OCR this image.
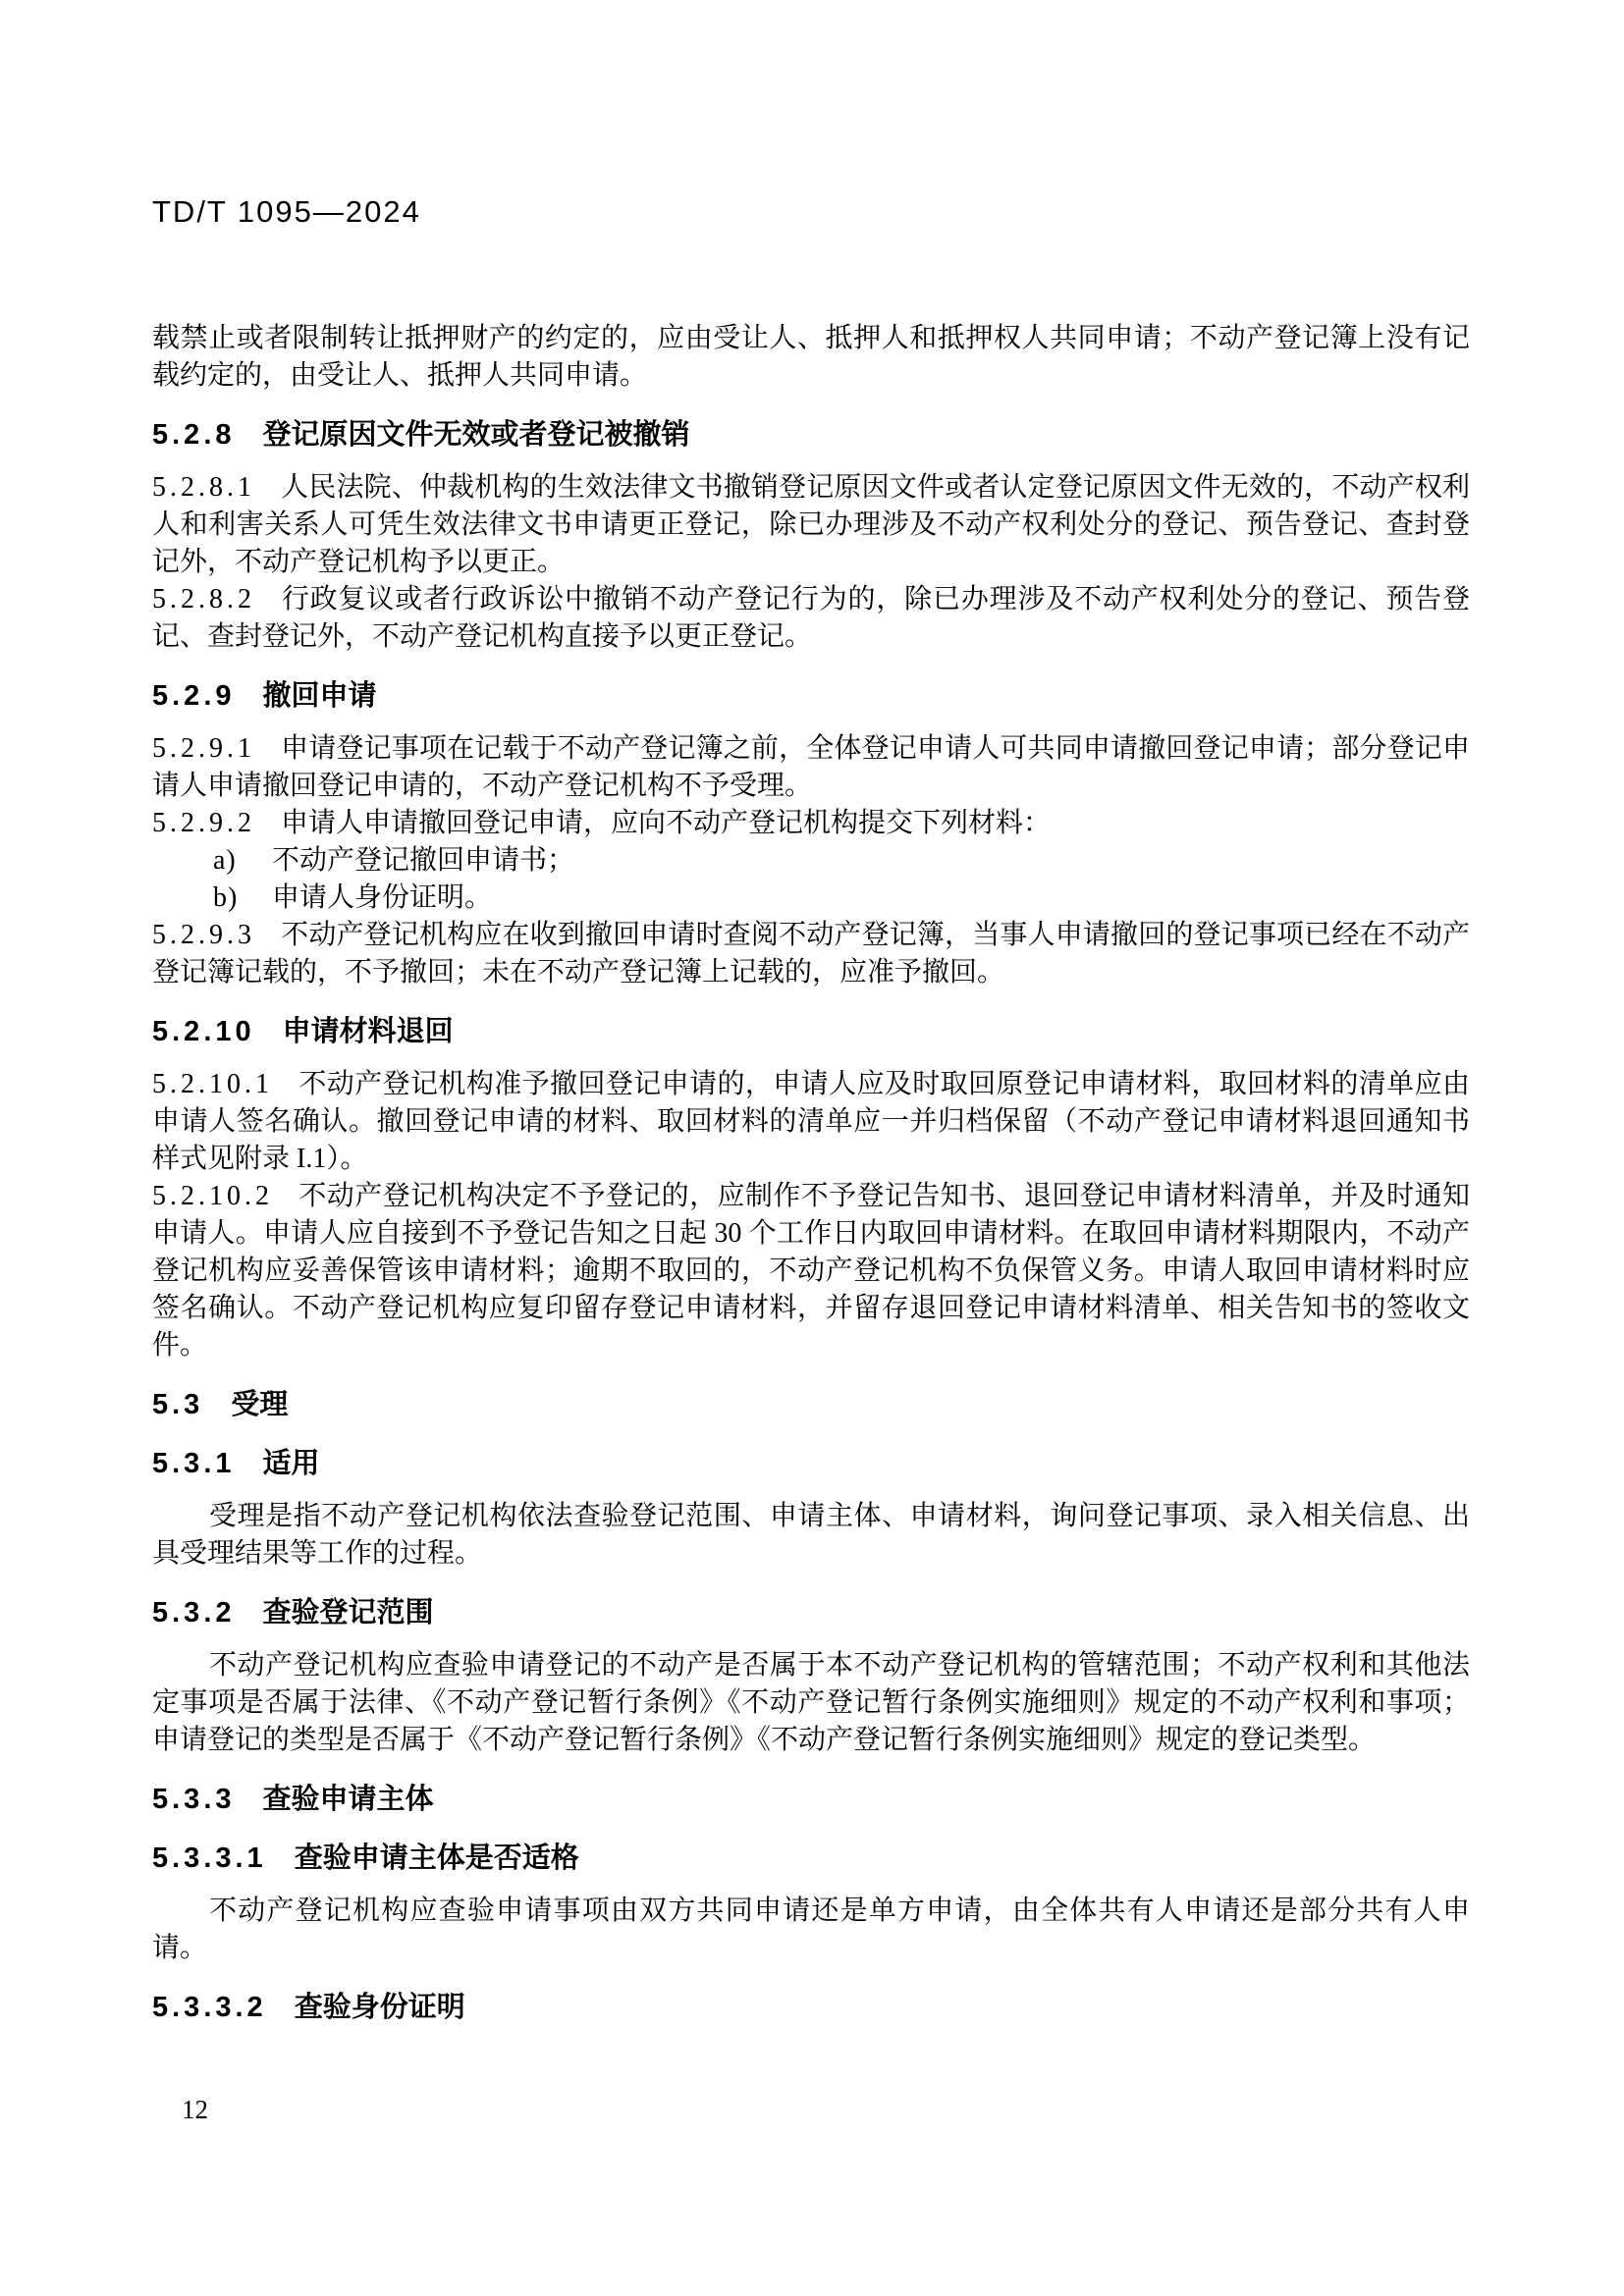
TD/T 1095—2024

载禁止或者限制转让抵押财产的约定的，应由受让人、抵押人和抵押权人共同申请；不动产登记簿上没有记载约定的，由受让人、抵押人共同申请。

5.2.8 登记原因文件无效或者登记被撤销

5.2.8.1 人民法院、仲裁机构的生效法律文书撤销登记原因文件或者认定登记原因文件无效的，不动产权利人和利害关系人可凭生效法律文书申请更正登记，除已办理涉及不动产权利处分的登记、预告登记、查封登记外，不动产登记机构予以更正。

5.2.8.2 行政复议或者行政诉讼中撤销不动产登记行为的，除已办理涉及不动产权利处分的登记、预告登记、查封登记外，不动产登记机构直接予以更正登记。

5.2.9 撤回申请

5.2.9.1 申请登记事项在记载于不动产登记簿之前，全体登记申请人可共同申请撤回登记申请；部分登记申请人申请撤回登记申请的，不动产登记机构不予受理。

5.2.9.2 申请人申请撤回登记申请，应向不动产登记机构提交下列材料：

a) 不动产登记撤回申请书；

b) 申请人身份证明。

5.2.9.3 不动产登记机构应在收到撤回申请时查阅不动产登记簿，当事人申请撤回的登记事项已经在不动产登记簿记载的，不予撤回；未在不动产登记簿上记载的，应准予撤回。

5.2.10 申请材料退回

5.2.10.1 不动产登记机构准予撤回登记申请的，申请人应及时取回原登记申请材料，取回材料的清单应由申请人签名确认。撤回登记申请的材料、取回材料的清单应一并归档保留（不动产登记申请材料退回通知书样式见附录 I.1）。

5.2.10.2 不动产登记机构决定不予登记的，应制作不予登记告知书、退回登记申请材料清单，并及时通知申请人。申请人应自接到不予登记告知之日起 30 个工作日内取回申请材料。在取回申请材料期限内，不动产登记机构应妥善保管该申请材料；逾期不取回的，不动产登记机构不负保管义务。申请人取回申请材料时应签名确认。不动产登记机构应复印留存登记申请材料，并留存退回登记申请材料清单、相关告知书的签收文件。

5.3 受理

5.3.1 适用

受理是指不动产登记机构依法查验登记范围、申请主体、申请材料，询问登记事项、录入相关信息、出具受理结果等工作的过程。

5.3.2 查验登记范围

不动产登记机构应查验申请登记的不动产是否属于本不动产登记机构的管辖范围；不动产权利和其他法定事项是否属于法律、《不动产登记暂行条例》《不动产登记暂行条例实施细则》规定的不动产权利和事项；申请登记的类型是否属于《不动产登记暂行条例》《不动产登记暂行条例实施细则》规定的登记类型。

5.3.3 查验申请主体

5.3.3.1 查验申请主体是否适格

不动产登记机构应查验申请事项由双方共同申请还是单方申请，由全体共有人申请还是部分共有人申请。

5.3.3.2 查验身份证明

12
